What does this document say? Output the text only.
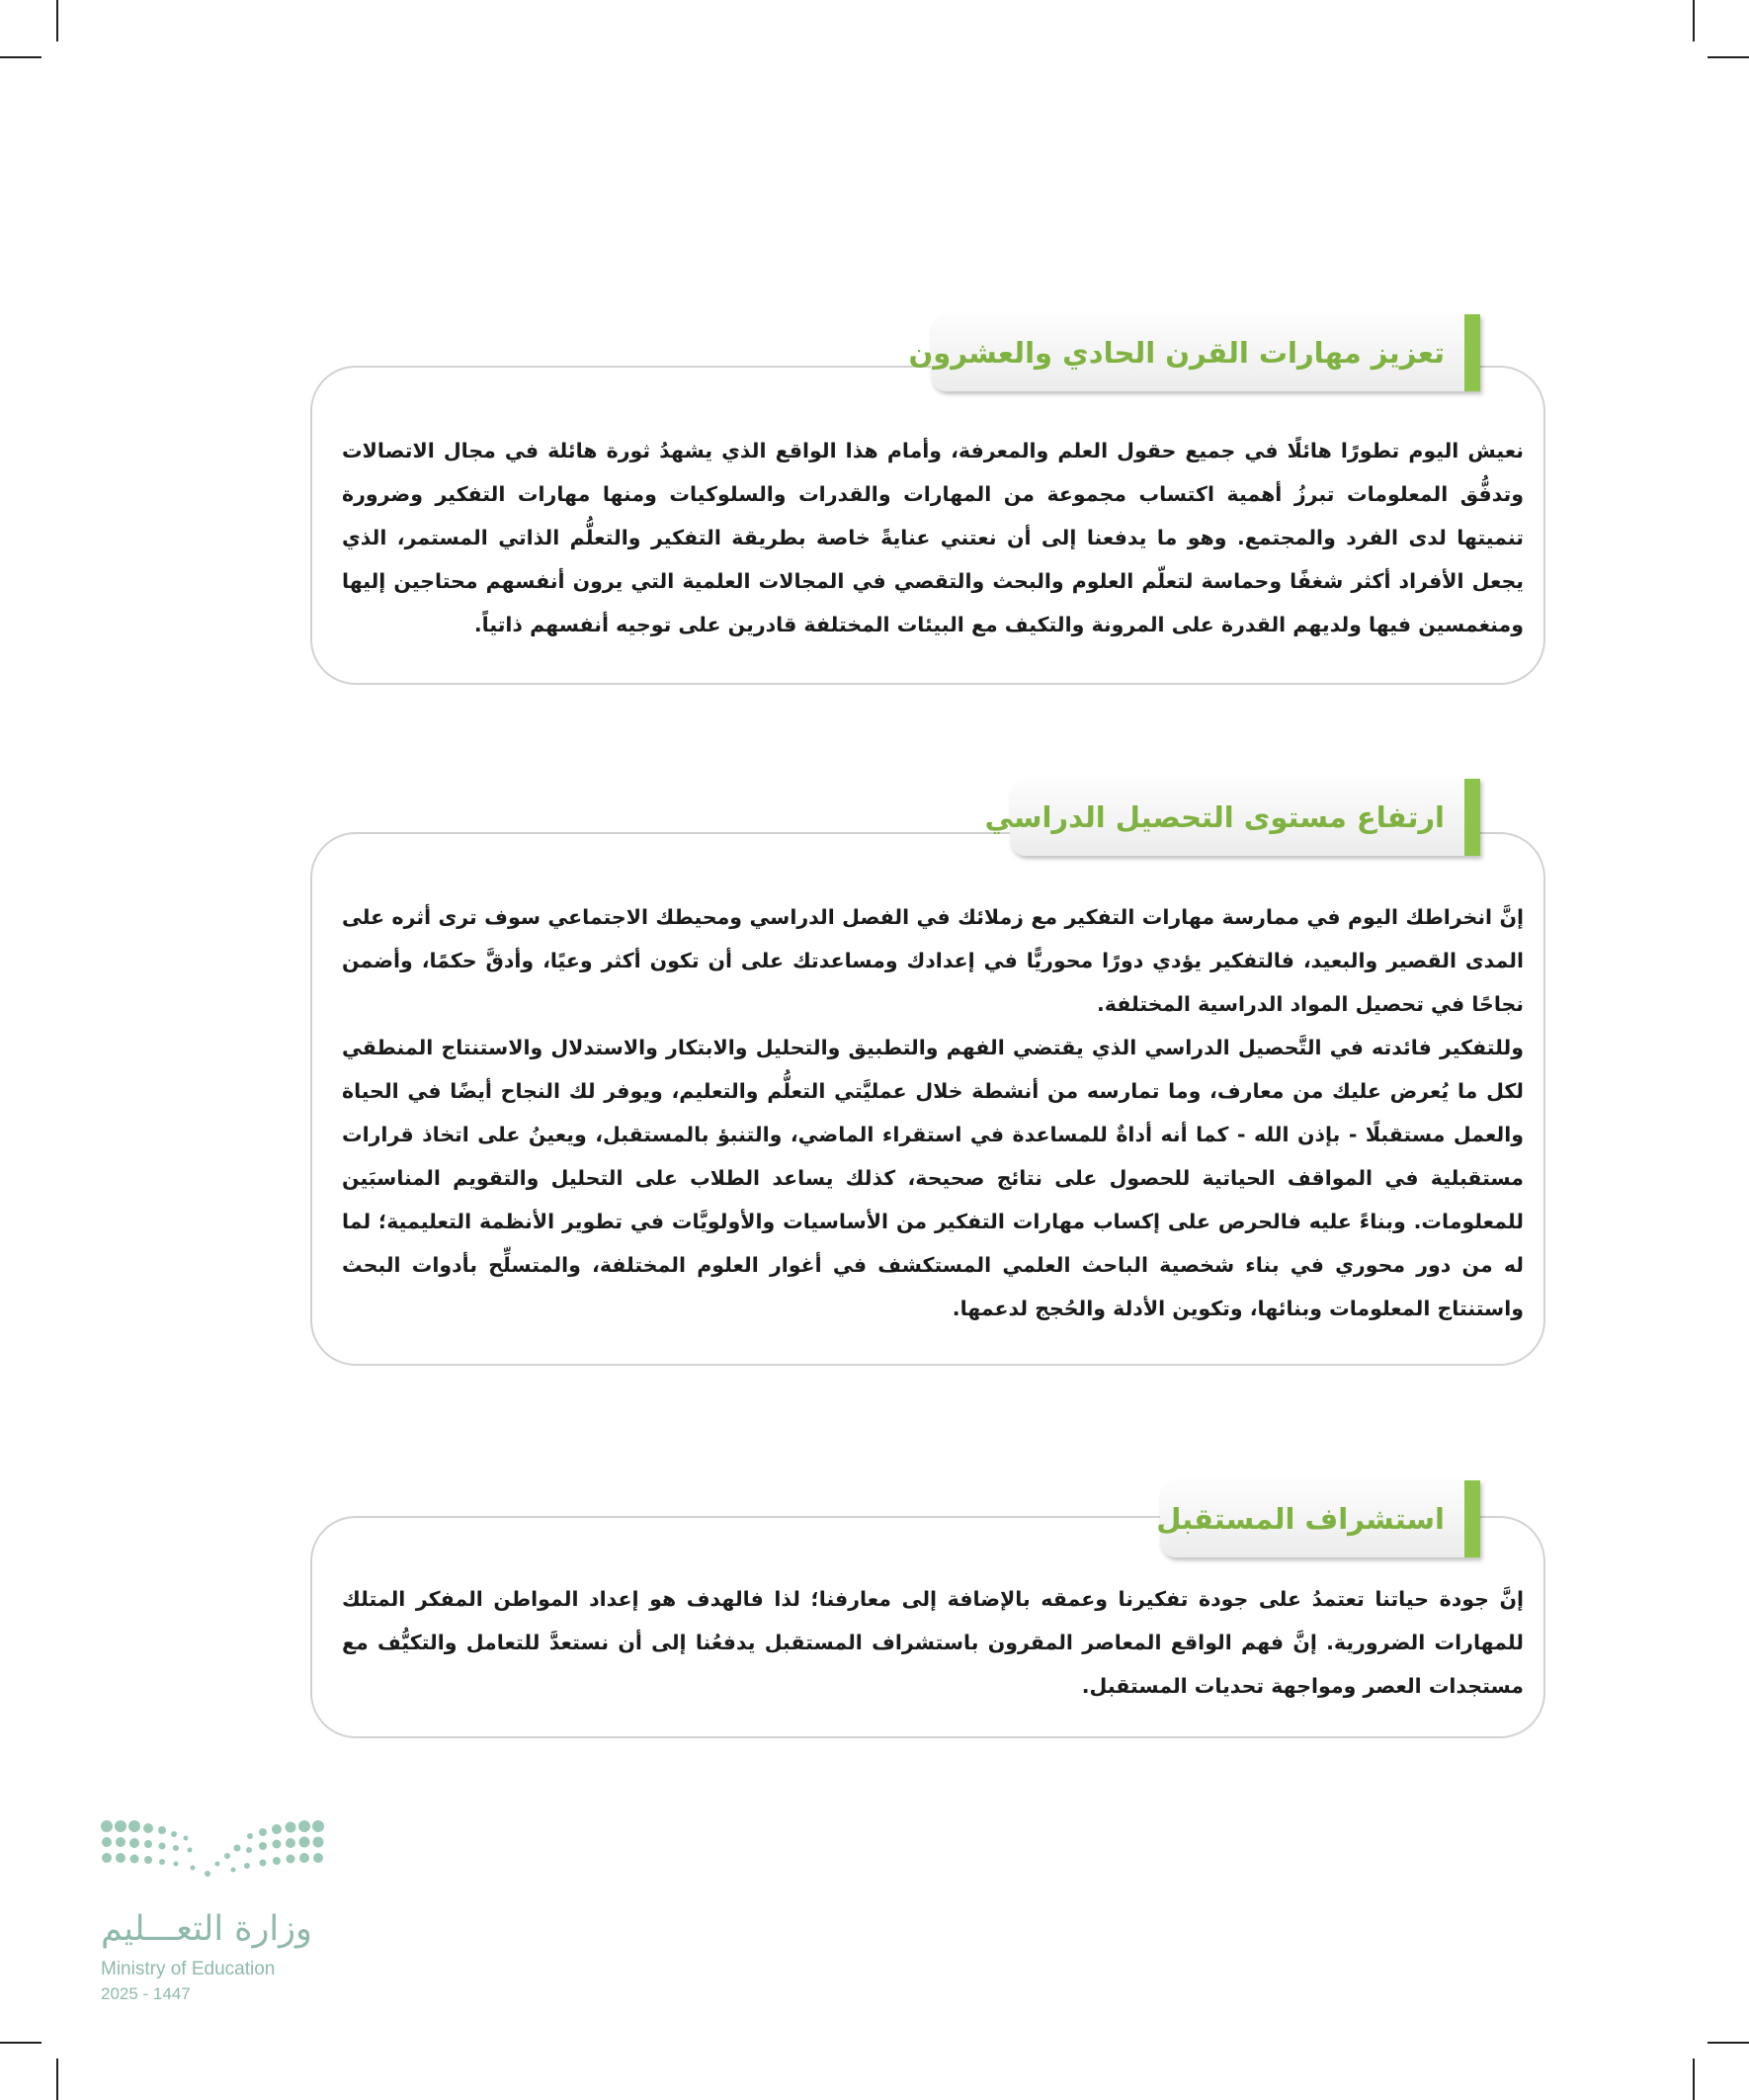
تعزيز مهارات القرن الحادي والعشرون

نعيش اليوم تطورًا هائلًا في جميع حقول العلم والمعرفة، وأمام هذا الواقع الذي يشهدُ ثورة هائلة في مجال الاتصالات وتدفُّق المعلومات تبرزُ أهمية اكتساب مجموعة من المهارات والقدرات والسلوكيات ومنها مهارات التفكير وضرورة تنميتها لدى الفرد والمجتمع. وهو ما يدفعنا إلى أن نعتني عنايةً خاصة بطريقة التفكير والتعلُّم الذاتي المستمر، الذي يجعل الأفراد أكثر شغفًا وحماسة لتعلّم العلوم والبحث والتقصي في المجالات العلمية التي يرون أنفسهم محتاجين إليها ومنغمسين فيها ولديهم القدرة على المرونة والتكيف مع البيئات المختلفة قادرين على توجيه أنفسهم ذاتياً.

ارتفاع مستوى التحصيل الدراسي

إنَّ انخراطك اليوم في ممارسة مهارات التفكير مع زملائك في الفصل الدراسي ومحيطك الاجتماعي سوف ترى أثره على المدى القصير والبعيد، فالتفكير يؤدي دورًا محوريًّا في إعدادك ومساعدتك على أن تكون أكثر وعيًا، وأدقَّ حكمًا، وأضمن نجاحًا في تحصيل المواد الدراسية المختلفة.

وللتفكير فائدته في التَّحصيل الدراسي الذي يقتضي الفهم والتطبيق والتحليل والابتكار والاستدلال والاستنتاج المنطقي لكل ما يُعرض عليك من معارف، وما تمارسه من أنشطة خلال عمليَّتي التعلُّم والتعليم، ويوفر لك النجاح أيضًا في الحياة والعمل مستقبلًا - بإذن الله - كما أنه أداةٌ للمساعدة في استقراء الماضي، والتنبؤ بالمستقبل، ويعينُ على اتخاذ قرارات مستقبلية في المواقف الحياتية للحصول على نتائج صحيحة، كذلك يساعد الطلاب على التحليل والتقويم المناسبَين للمعلومات. وبناءً عليه فالحرص على إكساب مهارات التفكير من الأساسيات والأولويَّات في تطوير الأنظمة التعليمية؛ لما له من دور محوري في بناء شخصية الباحث العلمي المستكشف في أغوار العلوم المختلفة، والمتسلِّح بأدوات البحث واستنتاج المعلومات وبنائها، وتكوين الأدلة والحُجج لدعمها.

استشراف المستقبل

إنَّ جودة حياتنا تعتمدُ على جودة تفكيرنا وعمقه بالإضافة إلى معارفنا؛ لذا فالهدف هو إعداد المواطن المفكر المتلك للمهارات الضرورية. إنَّ فهم الواقع المعاصر المقرون باستشراف المستقبل يدفعُنا إلى أن نستعدَّ للتعامل والتكيُّف مع مستجدات العصر ومواجهة تحديات المستقبل.

وزارة التعـــليم
Ministry of Education
2025 - 1447
